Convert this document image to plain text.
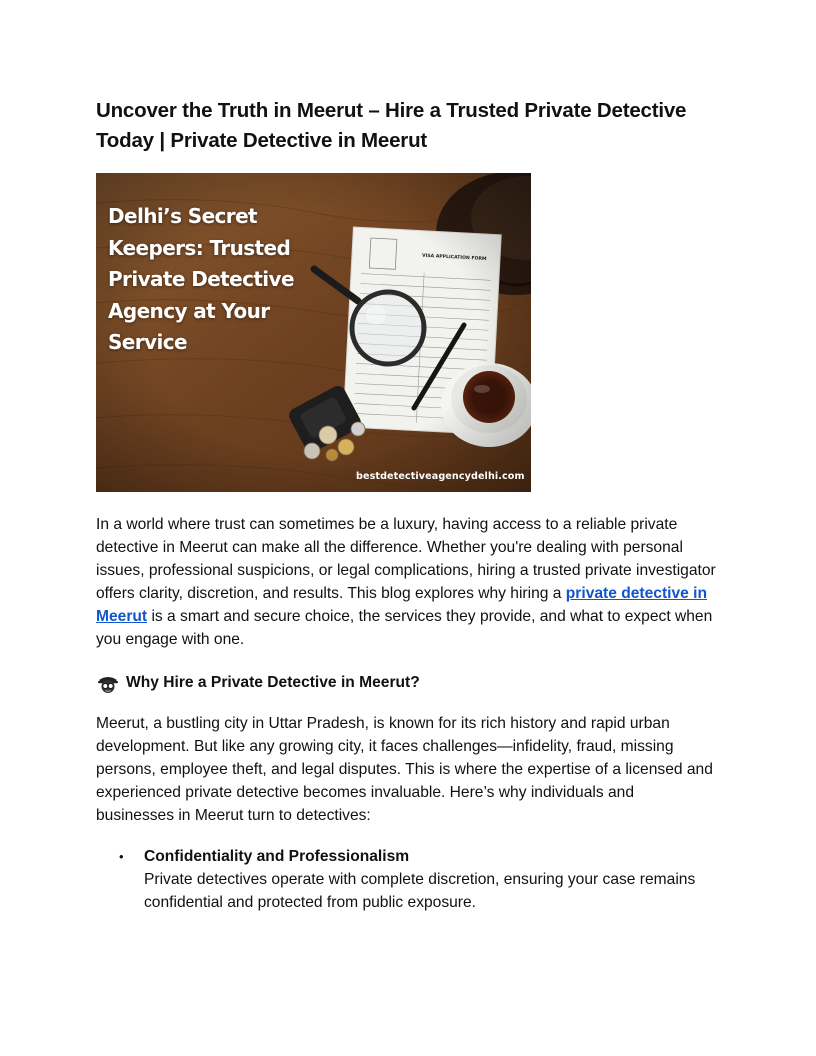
Uncover the Truth in Meerut – Hire a Trusted Private Detective Today | Private Detective in Meerut
Delhi’s Secret Keepers: Trusted Private Detective Agency at Your Service
bestdetectiveagencydelhi.com

In a world where trust can sometimes be a luxury, having access to a reliable private detective in Meerut can make all the difference. Whether you're dealing with personal issues, professional suspicions, or legal complications, hiring a trusted private investigator offers clarity, discretion, and results. This blog explores why hiring a private detective in Meerut is a smart and secure choice, the services they provide, and what to expect when you engage with one.

Why Hire a Private Detective in Meerut?

Meerut, a bustling city in Uttar Pradesh, is known for its rich history and rapid urban development. But like any growing city, it faces challenges—infidelity, fraud, missing persons, employee theft, and legal disputes. This is where the expertise of a licensed and experienced private detective becomes invaluable. Here’s why individuals and businesses in Meerut turn to detectives:

• Confidentiality and Professionalism
Private detectives operate with complete discretion, ensuring your case remains confidential and protected from public exposure.
